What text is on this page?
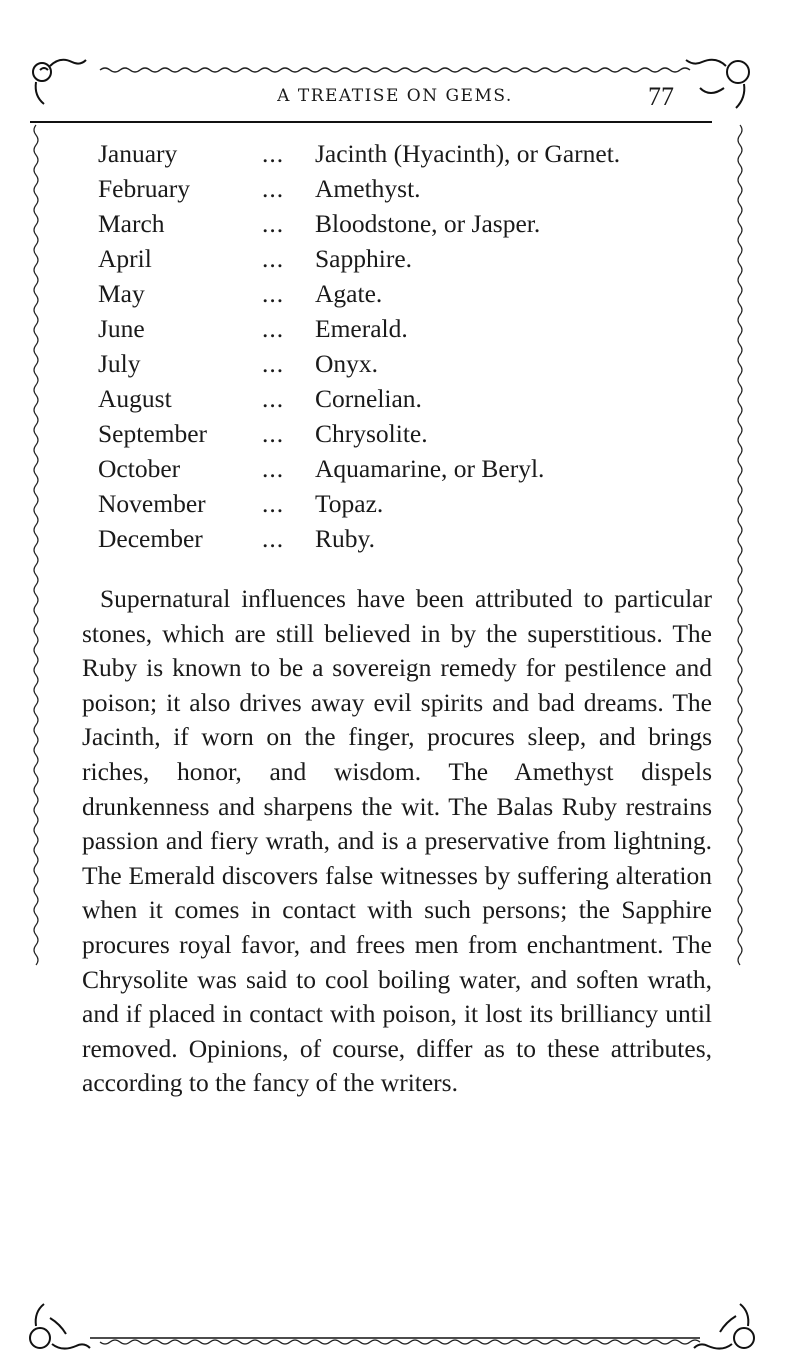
A TREATISE ON GEMS.	77
January	... Jacinth (Hyacinth), or Garnet.
February	... Amethyst.
March	... Bloodstone, or Jasper.
April	... Sapphire.
May	... Agate.
June	... Emerald.
July	... Onyx.
August	... Cornelian.
September ... Chrysolite.
October	... Aquamarine, or Beryl.
November ... Topaz.
December ... Ruby.

Supernatural influences have been attributed to particular stones, which are still believed in by the superstitious. The Ruby is known to be a sovereign remedy for pestilence and poison; it also drives away evil spirits and bad dreams. The Jacinth, if worn on the finger, procures sleep, and brings riches, honor, and wisdom. The Amethyst dispels drunkenness and sharpens the wit. The Balas Ruby restrains passion and fiery wrath, and is a preservative from lightning. The Emerald discovers false witnesses by suffering alteration when it comes in contact with such persons; the Sapphire procures royal favor, and frees men from enchantment. The Chrysolite was said to cool boiling water, and soften wrath, and if placed in contact with poison, it lost its brilliancy until removed. Opinions, of course, differ as to these attributes, according to the fancy of the writers.
